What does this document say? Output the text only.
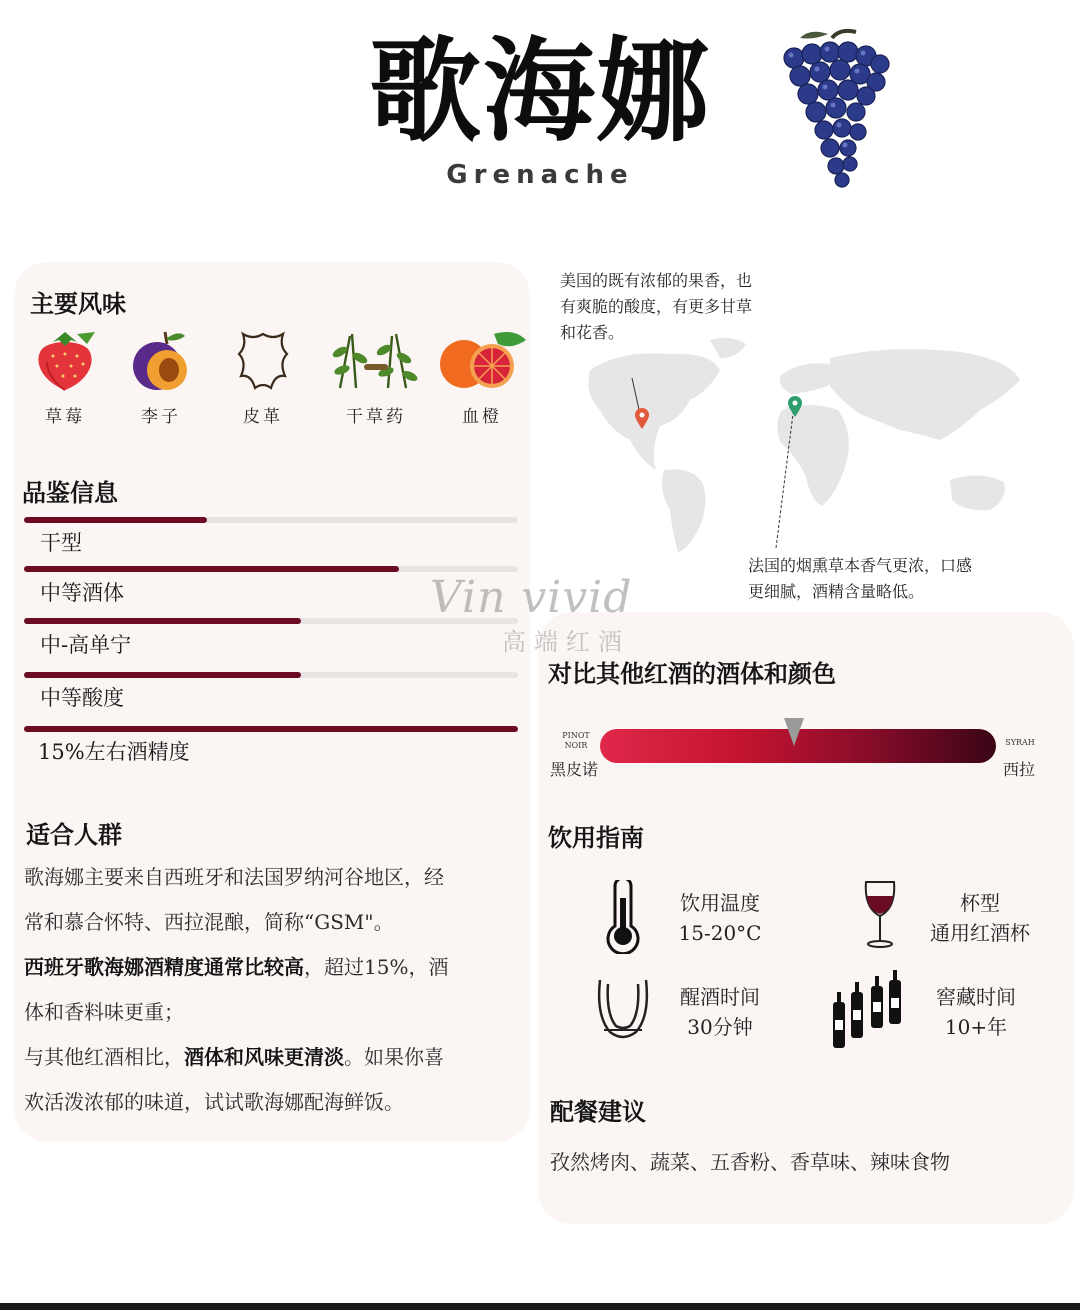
歌海娜
Grenache
主要风味
草莓	李子	皮革	干草药	血橙
品鉴信息
干型
中等酒体
中-高单宁
中等酸度
15%左右酒精度
Vin vivid
高端红酒
适合人群
歌海娜主要来自西班牙和法国罗纳河谷地区，经
常和慕合怀特、西拉混酿，简称“GSM"。
西班牙歌海娜酒精度通常比较高，超过15%，酒
体和香料味更重；
与其他红酒相比，酒体和风味更清淡。如果你喜
欢活泼浓郁的味道，试试歌海娜配海鲜饭。
美国的既有浓郁的果香，也
有爽脆的酸度，有更多甘草
和花香。
法国的烟熏草本香气更浓，口感
更细腻，酒精含量略低。
对比其他红酒的酒体和颜色
PINOT
NOIR
黑皮诺
SYRAH
西拉
饮用指南
饮用温度
15-20°C
杯型
通用红酒杯
醒酒时间
30分钟
窖藏时间
10+年
配餐建议
孜然烤肉、蔬菜、五香粉、香草味、辣味食物
